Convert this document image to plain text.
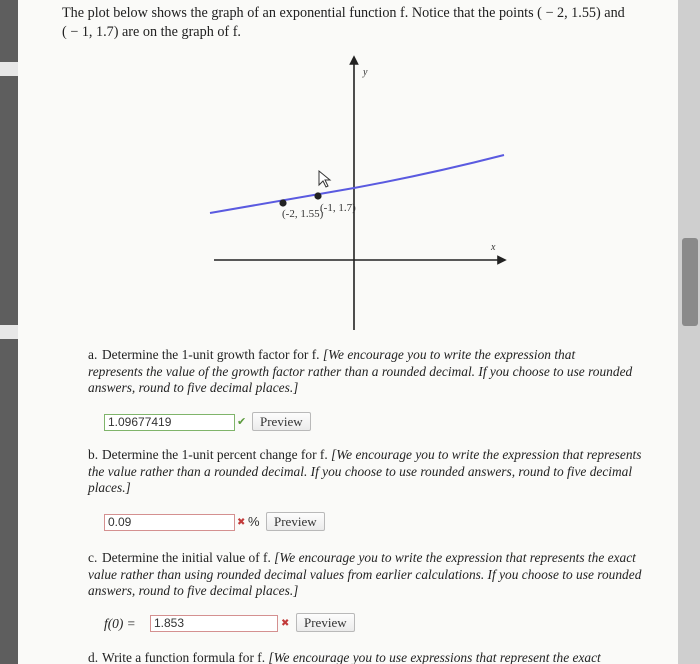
The plot below shows the graph of an exponential function f. Notice that the points ( − 2, 1.55) and
( − 1, 1.7) are on the graph of f.
y
x
(-2, 1.55)
(-1, 1.7)
a. Determine the 1-unit growth factor for f. [We encourage you to write the expression that represents the value of the growth factor rather than a rounded decimal. If you choose to use rounded answers, round to five decimal places.]
1.09677419	✔	Preview
b. Determine the 1-unit percent change for f. [We encourage you to write the expression that represents the value rather than a rounded decimal. If you choose to use rounded answers, round to five decimal places.]
0.09	✖ %	Preview
c. Determine the initial value of f. [We encourage you to write the expression that represents the exact value rather than using rounded decimal values from earlier calculations. If you choose to use rounded answers, round to five decimal places.]
f(0) =	1.853	✖	Preview
d. Write a function formula for f. [We encourage you to use expressions that represent the exact
